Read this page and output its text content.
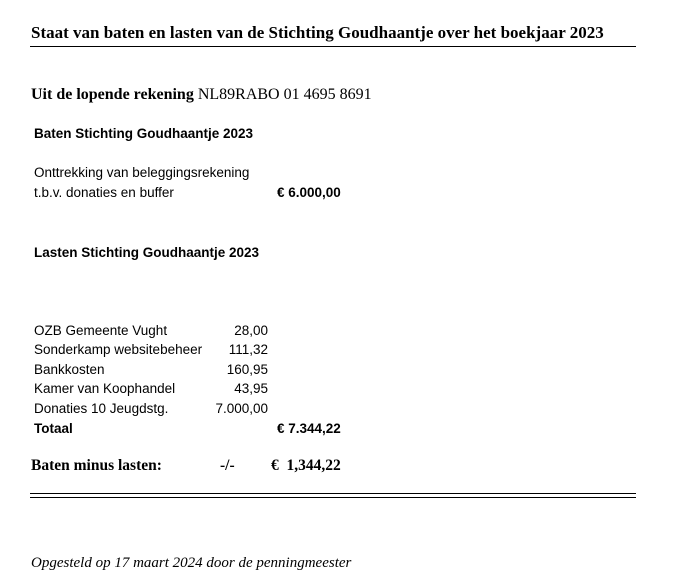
Staat van baten en lasten van de Stichting Goudhaantje over het boekjaar 2023
Uit de lopende rekening NL89RABO 01 4695 8691
Baten Stichting Goudhaantje 2023
Onttrekking van beleggingsrekening
t.b.v. donaties en buffer	€ 6.000,00
Lasten Stichting Goudhaantje 2023
OZB Gemeente Vught	28,00
Sonderkamp websitebeheer	111,32
Bankkosten	160,95
Kamer van Koophandel	43,95
Donaties 10 Jeugdstg.	7.000,00
Totaal	€ 7.344,22
Baten minus lasten:	-/- €  1,344,22
Opgesteld op 17 maart 2024 door de penningmeester
